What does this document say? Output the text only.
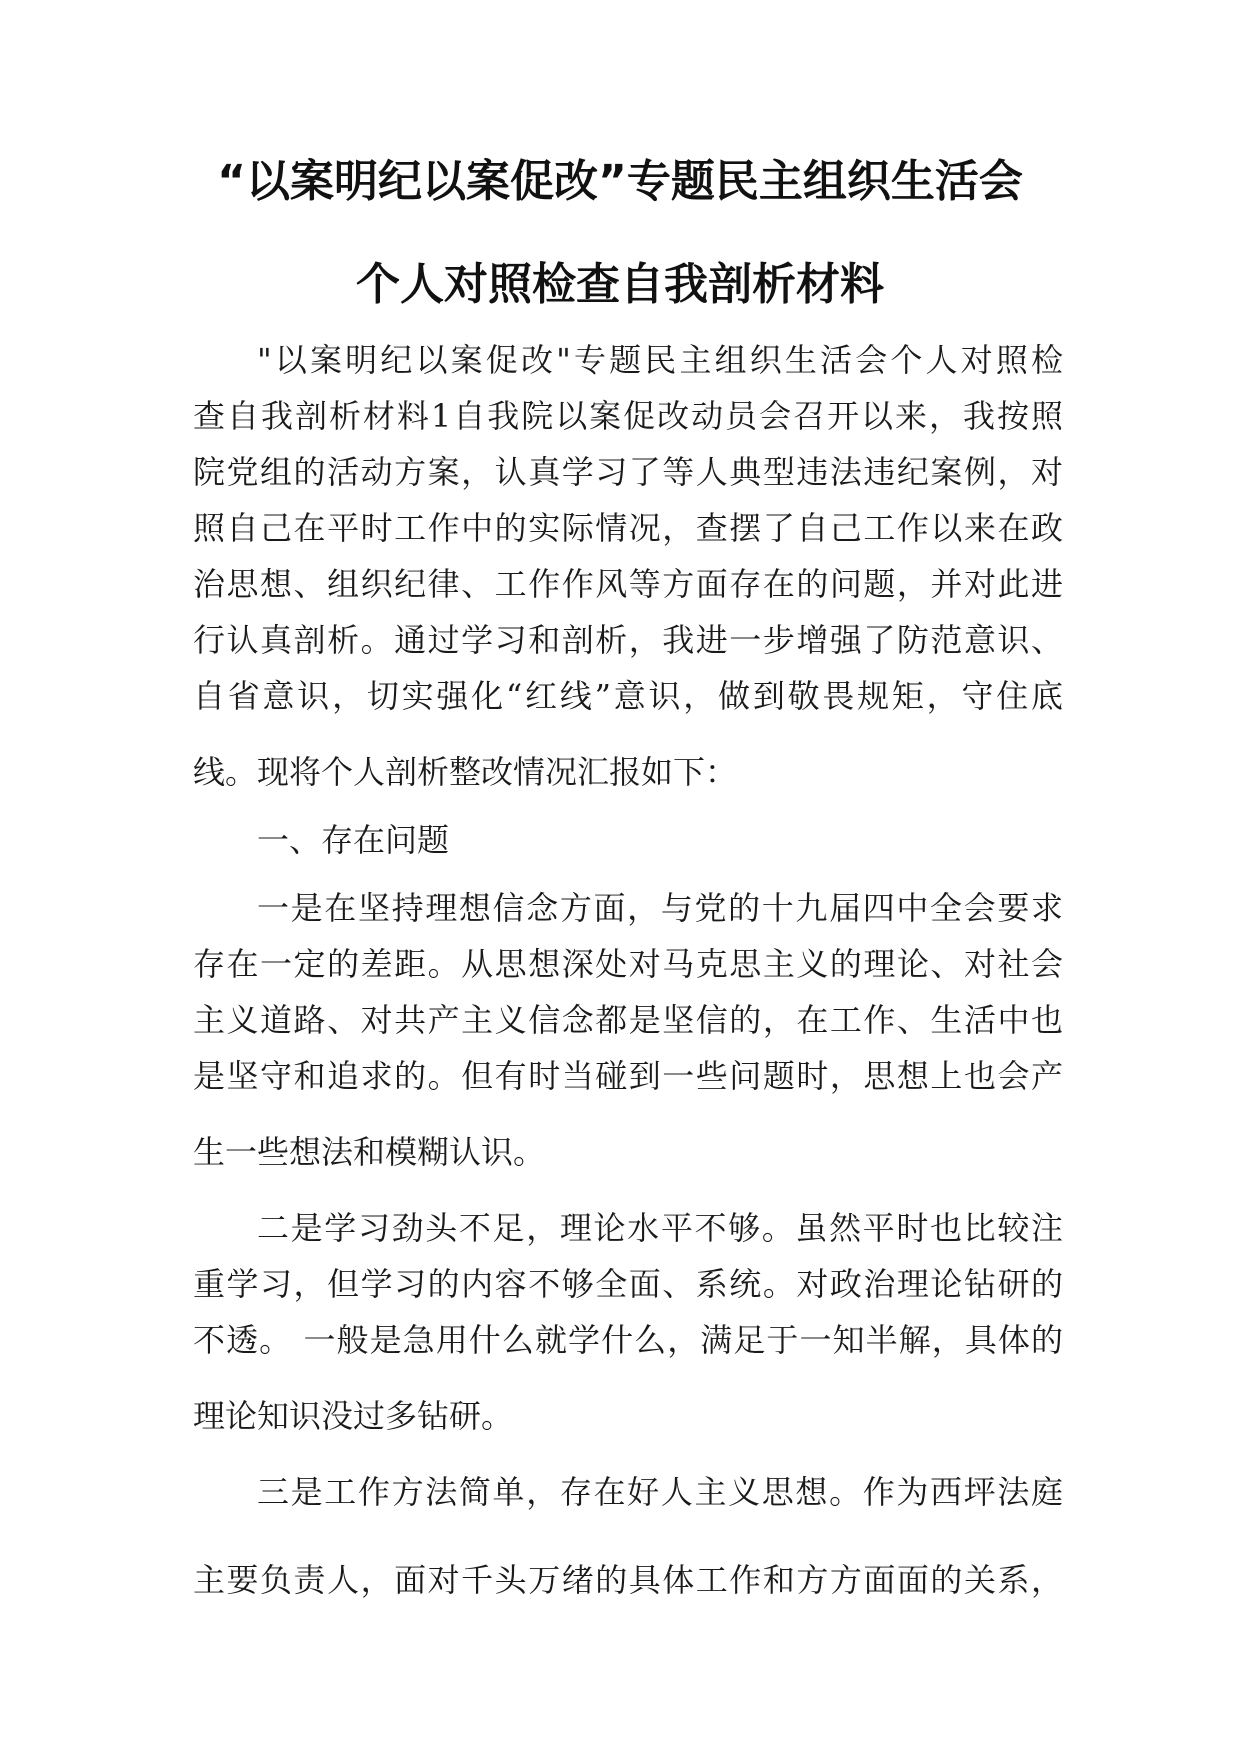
“以案明纪以案促改”专题民主组织生活会
个人对照检查自我剖析材料
"以案明纪以案促改"专题民主组织生活会个人对照检
查自我剖析材料1自我院以案促改动员会召开以来，我按照
院党组的活动方案，认真学习了等人典型违法违纪案例，对
照自己在平时工作中的实际情况，查摆了自己工作以来在政
治思想、组织纪律、工作作风等方面存在的问题，并对此进
行认真剖析。通过学习和剖析，我进一步增强了防范意识、
自省意识，切实强化“红线”意识，做到敬畏规矩，守住底
线。现将个人剖析整改情况汇报如下：
一、存在问题
一是在坚持理想信念方面，与党的十九届四中全会要求
存在一定的差距。从思想深处对马克思主义的理论、对社会
主义道路、对共产主义信念都是坚信的，在工作、生活中也
是坚守和追求的。但有时当碰到一些问题时，思想上也会产
生一些想法和模糊认识。
二是学习劲头不足，理论水平不够。虽然平时也比较注
重学习，但学习的内容不够全面、系统。对政治理论钻研的
不透。 一般是急用什么就学什么，满足于一知半解，具体的
理论知识没过多钻研。
三是工作方法简单，存在好人主义思想。作为西坪法庭
主要负责人，面对千头万绪的具体工作和方方面面的关系，
